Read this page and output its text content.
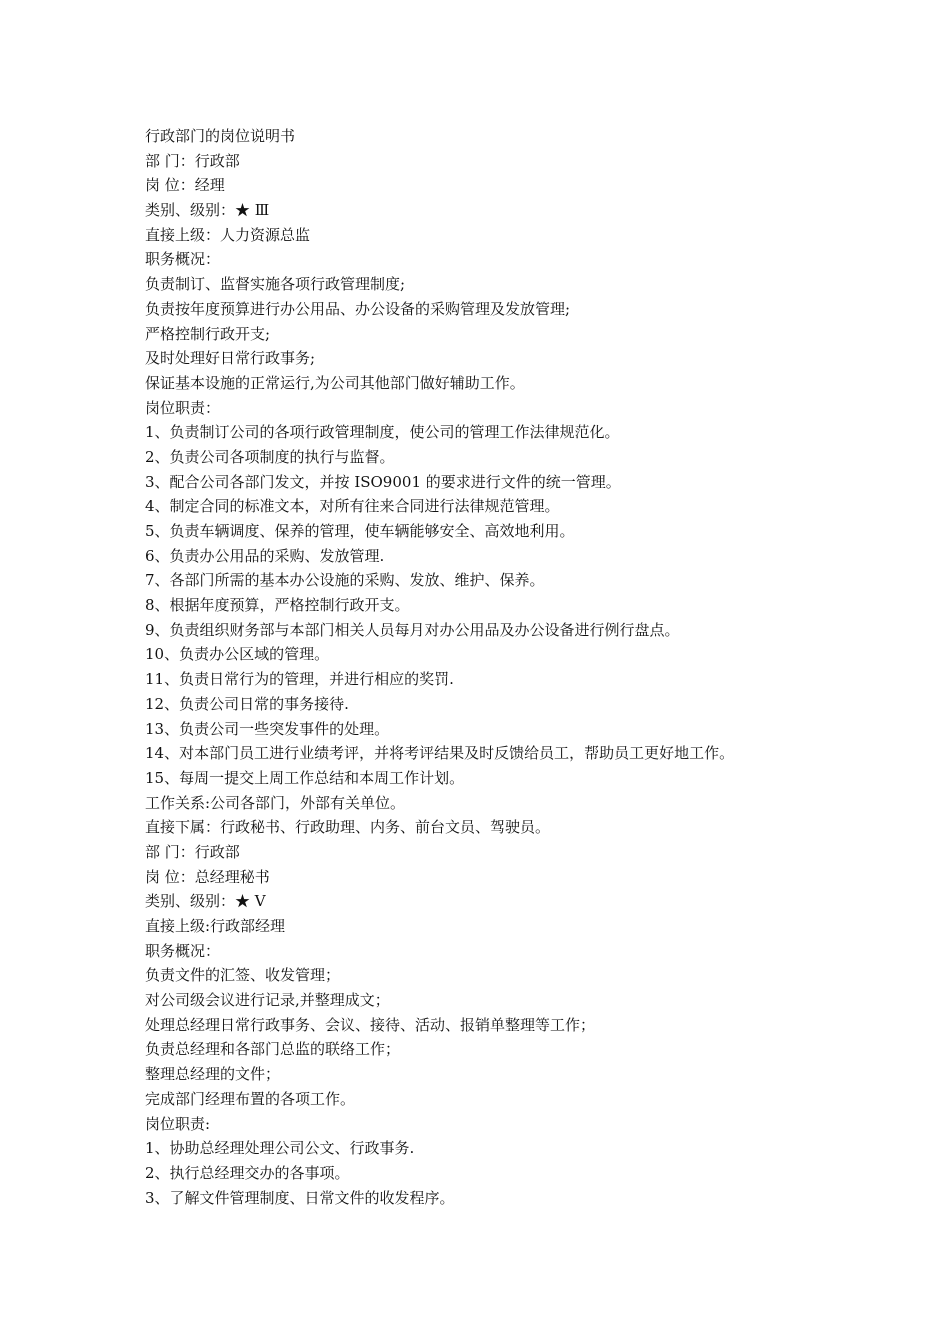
行政部门的岗位说明书

部 门：行政部

岗 位：经理

类别、级别：★ Ⅲ

直接上级：人力资源总监

职务概况：

负责制订、监督实施各项行政管理制度;

负责按年度预算进行办公用品、办公设备的采购管理及发放管理;

严格控制行政开支;

及时处理好日常行政事务;

保证基本设施的正常运行,为公司其他部门做好辅助工作。

岗位职责：

1、负责制订公司的各项行政管理制度，使公司的管理工作法律规范化。

2、负责公司各项制度的执行与监督。

3、配合公司各部门发文，并按 ISO9001 的要求进行文件的统一管理。

4、制定合同的标准文本，对所有往来合同进行法律规范管理。

5、负责车辆调度、保养的管理，使车辆能够安全、高效地利用。

6、负责办公用品的采购、发放管理.

7、各部门所需的基本办公设施的采购、发放、维护、保养。

8、根据年度预算，严格控制行政开支。

9、负责组织财务部与本部门相关人员每月对办公用品及办公设备进行例行盘点。

10、负责办公区域的管理。

11、负责日常行为的管理，并进行相应的奖罚.

12、负责公司日常的事务接待.

13、负责公司一些突发事件的处理。

14、对本部门员工进行业绩考评，并将考评结果及时反馈给员工，帮助员工更好地工作。

15、每周一提交上周工作总结和本周工作计划。

工作关系:公司各部门，外部有关单位。

直接下属：行政秘书、行政助理、内务、前台文员、驾驶员。

部 门：行政部

岗 位：总经理秘书

类别、级别：★ Ⅴ

直接上级:行政部经理

职务概况：

负责文件的汇签、收发管理；

对公司级会议进行记录,并整理成文；

处理总经理日常行政事务、会议、接待、活动、报销单整理等工作；

负责总经理和各部门总监的联络工作；

整理总经理的文件；

完成部门经理布置的各项工作。

岗位职责:

1、协助总经理处理公司公文、行政事务.

2、执行总经理交办的各事项。

3、了解文件管理制度、日常文件的收发程序。
